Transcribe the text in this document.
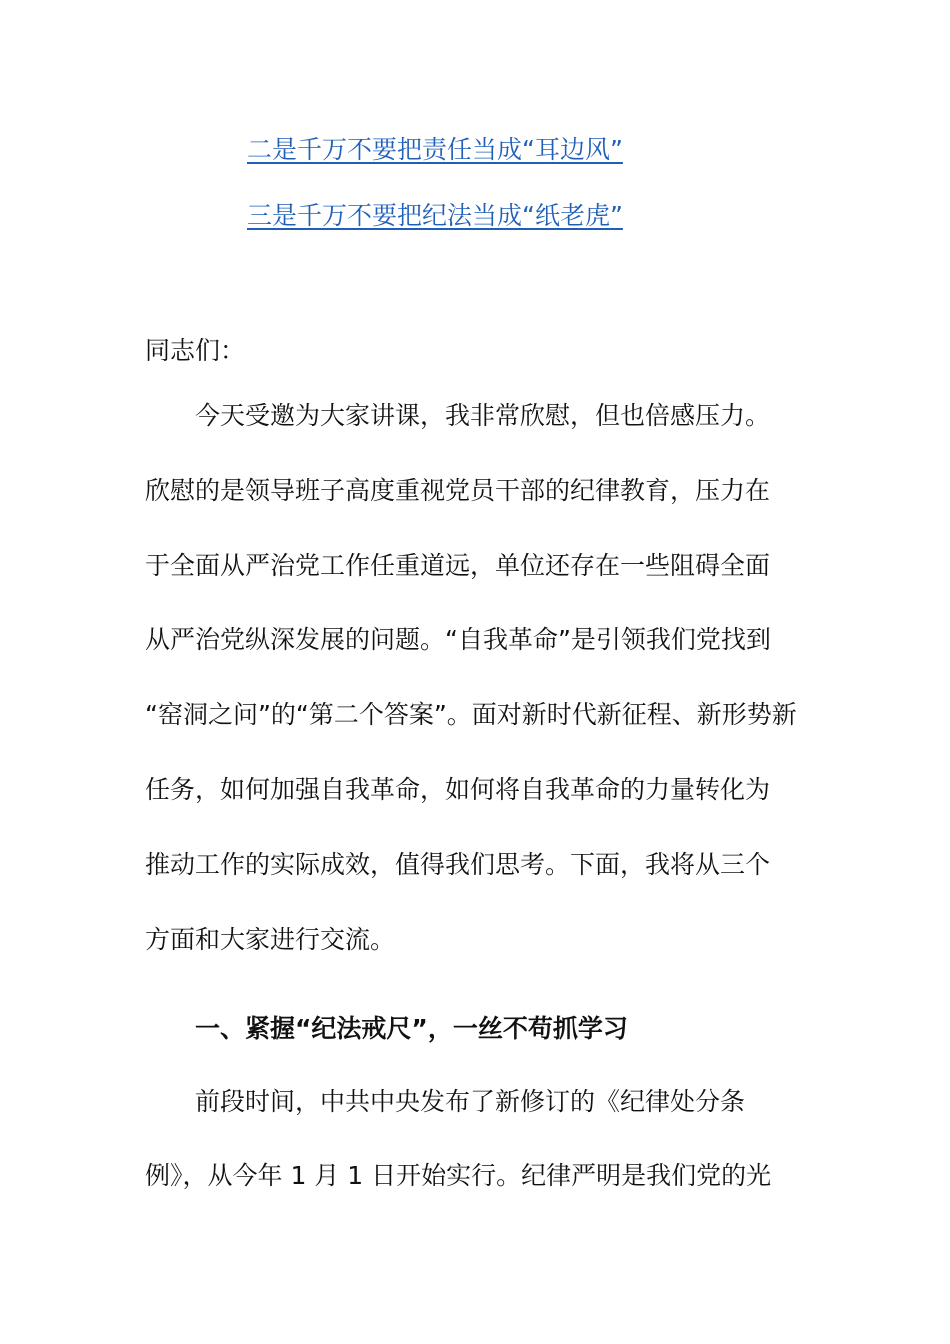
二是千万不要把责任当成“耳边风”
三是千万不要把纪法当成“纸老虎”
同志们：
今天受邀为大家讲课，我非常欣慰，但也倍感压力。
欣慰的是领导班子高度重视党员干部的纪律教育，压力在
于全面从严治党工作任重道远，单位还存在一些阻碍全面
从严治党纵深发展的问题。“自我革命”是引领我们党找到
“窑洞之问”的“第二个答案”。面对新时代新征程、新形势新
任务，如何加强自我革命，如何将自我革命的力量转化为
推动工作的实际成效，值得我们思考。下面，我将从三个
方面和大家进行交流。
一、紧握“纪法戒尺”，一丝不苟抓学习
前段时间，中共中央发布了新修订的《纪律处分条
例》，从今年 1 月 1 日开始实行。纪律严明是我们党的光
